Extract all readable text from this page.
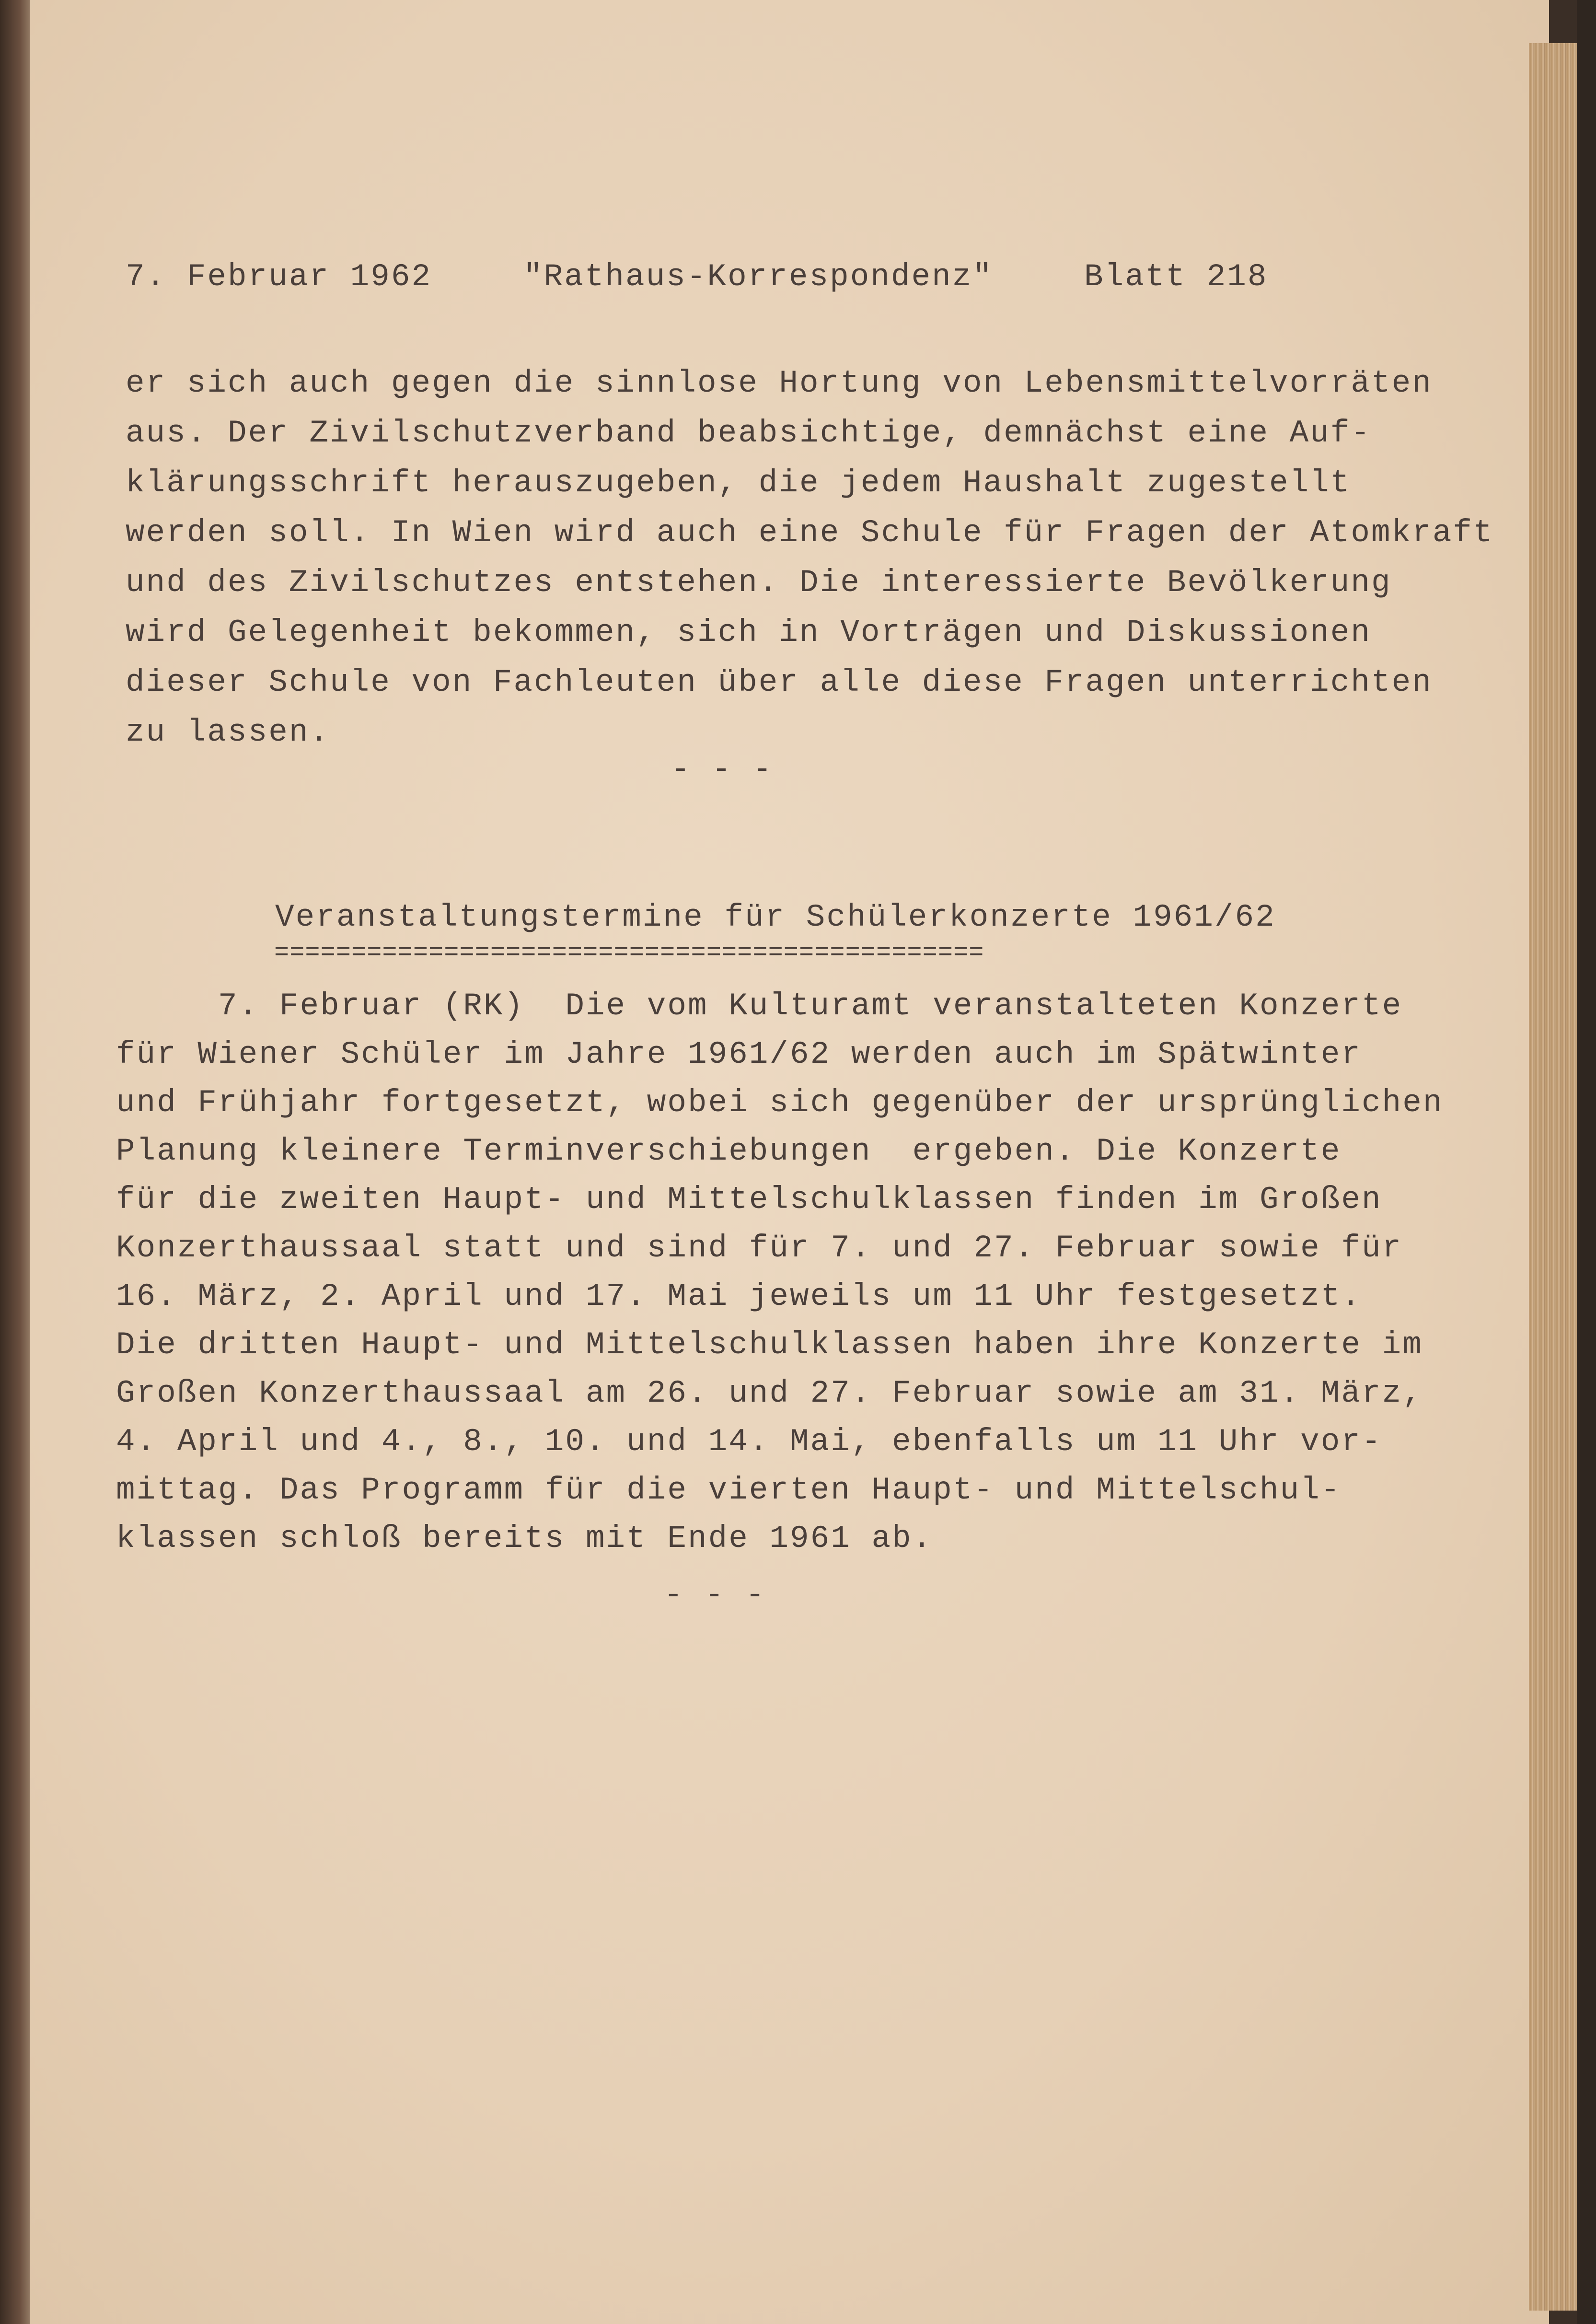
7. Februar 1962	"Rathaus-Korrespondenz"	Blatt 218
er sich auch gegen die sinnlose Hortung von Lebensmittelvorräten
aus. Der Zivilschutzverband beabsichtige, demnächst eine Auf-
klärungsschrift herauszugeben, die jedem Haushalt zugestellt
werden soll. In Wien wird auch eine Schule für Fragen der Atomkraft
und des Zivilschutzes entstehen. Die interessierte Bevölkerung
wird Gelegenheit bekommen, sich in Vorträgen und Diskussionen
dieser Schule von Fachleuten über alle diese Fragen unterrichten
zu lassen.
- - -
Veranstaltungstermine für Schülerkonzerte 1961/62
==============================================
7. Februar (RK)  Die vom Kulturamt veranstalteten Konzerte
für Wiener Schüler im Jahre 1961/62 werden auch im Spätwinter
und Frühjahr fortgesetzt, wobei sich gegenüber der ursprünglichen
Planung kleinere Terminverschiebungen  ergeben. Die Konzerte
für die zweiten Haupt- und Mittelschulklassen finden im Großen
Konzerthaussaal statt und sind für 7. und 27. Februar sowie für
16. März, 2. April und 17. Mai jeweils um 11 Uhr festgesetzt.
Die dritten Haupt- und Mittelschulklassen haben ihre Konzerte im
Großen Konzerthaussaal am 26. und 27. Februar sowie am 31. März,
4. April und 4., 8., 10. und 14. Mai, ebenfalls um 11 Uhr vor-
mittag. Das Programm für die vierten Haupt- und Mittelschul-
klassen schloß bereits mit Ende 1961 ab.
- - -
